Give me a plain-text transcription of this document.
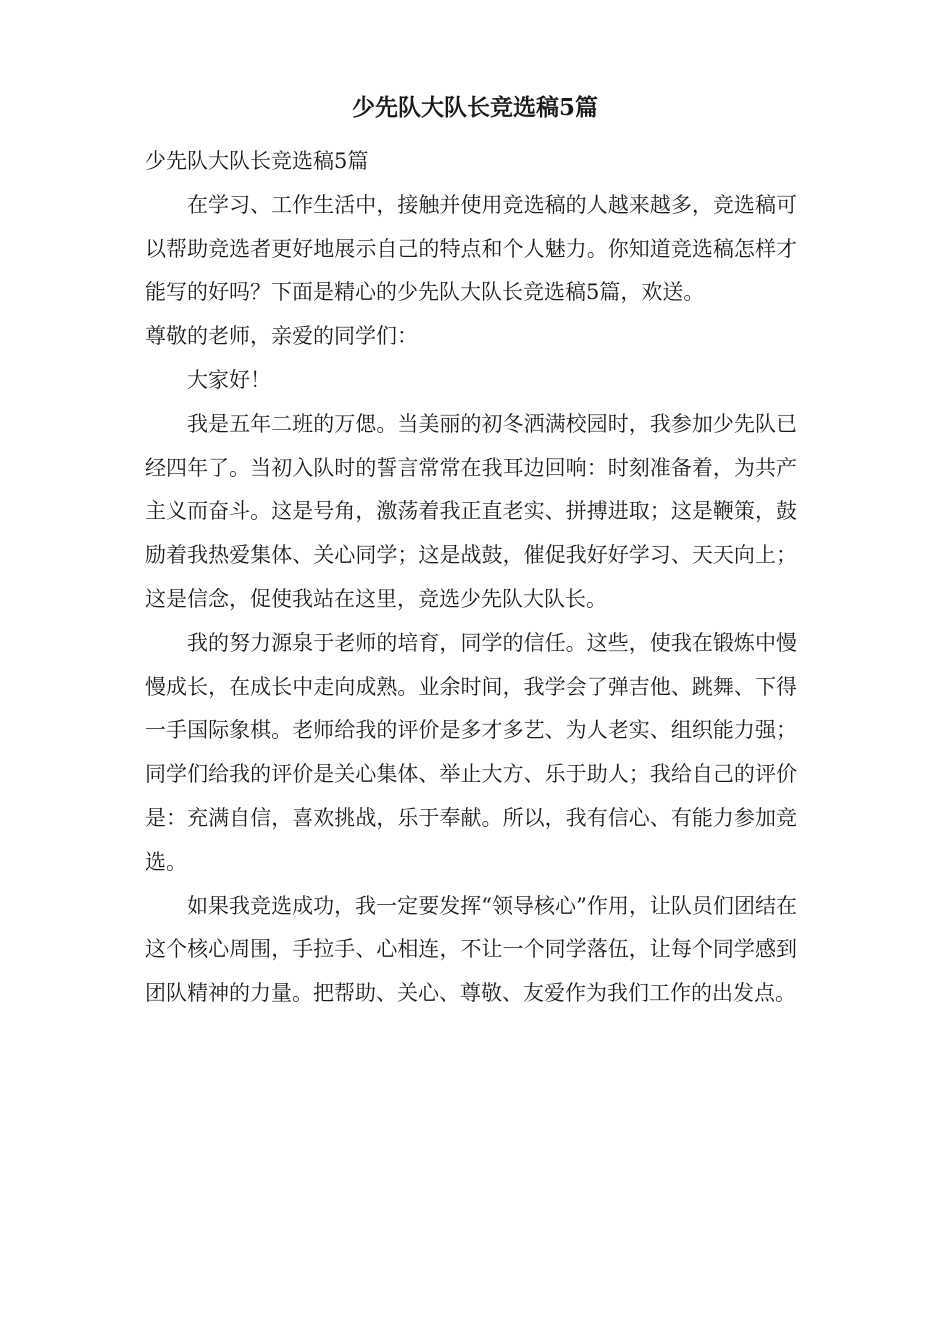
少先队大队长竞选稿5篇

少先队大队长竞选稿5篇

在学习、工作生活中，接触并使用竞选稿的人越来越多，竞选稿可以帮助竞选者更好地展示自己的特点和个人魅力。你知道竞选稿怎样才能写的好吗？下面是精心的少先队大队长竞选稿5篇，欢送。

尊敬的老师，亲爱的同学们：

大家好！

我是五年二班的万偲。当美丽的初冬洒满校园时，我参加少先队已经四年了。当初入队时的誓言常常在我耳边回响：时刻准备着，为共产主义而奋斗。这是号角，激荡着我正直老实、拼搏进取；这是鞭策，鼓励着我热爱集体、关心同学；这是战鼓，催促我好好学习、天天向上；这是信念，促使我站在这里，竞选少先队大队长。

我的努力源泉于老师的培育，同学的信任。这些，使我在锻炼中慢慢成长，在成长中走向成熟。业余时间，我学会了弹吉他、跳舞、下得一手国际象棋。老师给我的评价是多才多艺、为人老实、组织能力强；同学们给我的评价是关心集体、举止大方、乐于助人；我给自己的评价是：充满自信，喜欢挑战，乐于奉献。所以，我有信心、有能力参加竞选。

如果我竞选成功，我一定要发挥“领导核心”作用，让队员们团结在这个核心周围，手拉手、心相连，不让一个同学落伍，让每个同学感到团队精神的力量。把帮助、关心、尊敬、友爱作为我们工作的出发点。
